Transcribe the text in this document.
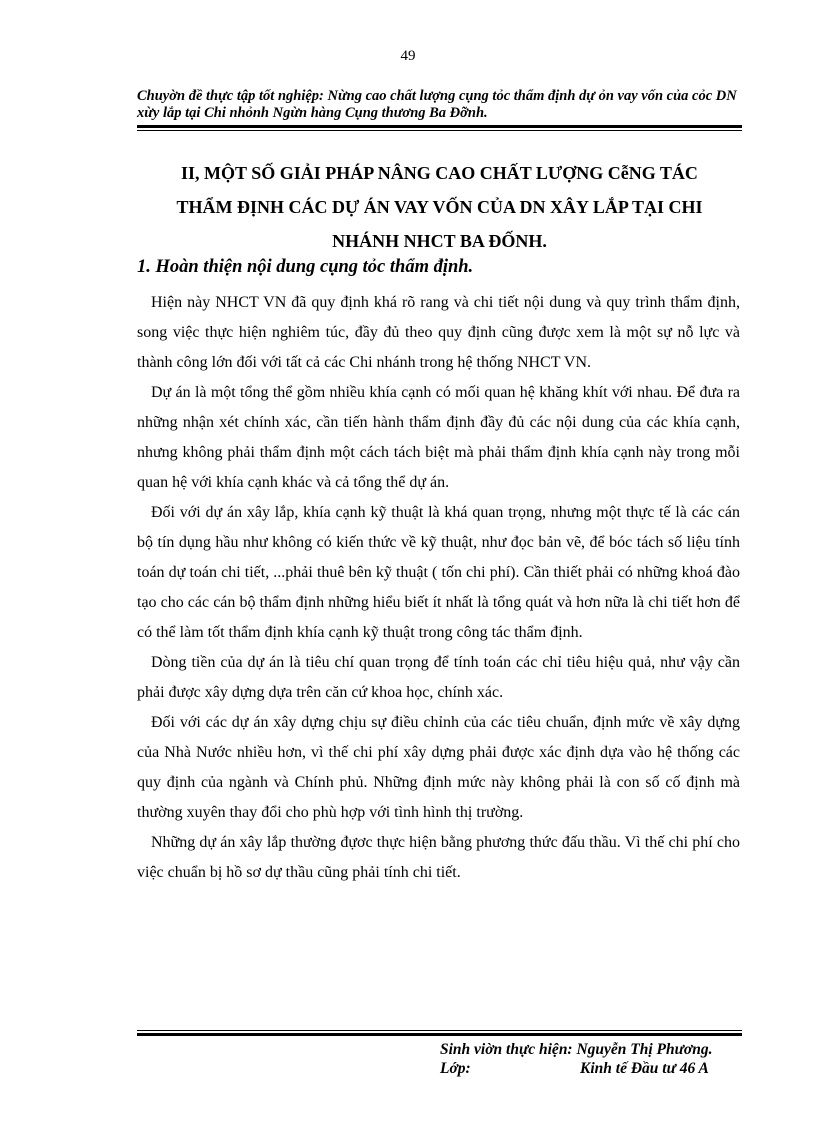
49
Chuyờn đề thực tập tốt nghiệp: Nừng cao chất lượng cụng tỏc thẩm định dự ỏn vay vốn của cỏc DN xừy lắp tại Chi nhỏnh Ngừn hàng Cụng thương Ba Đỡnh.
II, MỘT SỐ GIẢI PHÁP NÂNG CAO CHẤT LƯỢNG CễNG TÁC
THẨM ĐỊNH CÁC DỰ ÁN VAY VỐN CỦA DN XÂY LẮP TẠI CHI
NHÁNH NHCT BA ĐỐNH.
1. Hoàn thiện nội dung cụng tỏc thẩm định.

Hiện này NHCT VN đã quy định khá rõ rang và chi tiết nội dung và quy trình thẩm định, song việc thực hiện nghiêm túc, đầy đủ theo quy định cũng được xem là một sự nỗ lực và thành công lớn đối với tất cả các Chi nhánh trong hệ thống NHCT VN.

Dự án là một tổng thể gồm nhiều khía cạnh có mối quan hệ khăng khít với nhau. Để đưa ra những nhận xét chính xác, cần tiến hành thẩm định đầy đủ các nội dung của các khía cạnh, nhưng không phải thẩm định một cách tách biệt mà phải thẩm định khía cạnh này trong mỗi quan hệ với khía cạnh khác và cả tổng thể dự án.

Đối với dự án xây lắp, khía cạnh kỹ thuật là khá quan trọng, nhưng một thực tế là các cán bộ tín dụng hầu như không có kiến thức về kỹ thuật, như đọc bản vẽ, để bóc tách số liệu tính toán dự toán chi tiết, ...phải thuê bên kỹ thuật ( tốn chi phí). Cần thiết phải có những khoá đào tạo cho các cán bộ thẩm định những hiểu biết ít nhất là tổng quát và hơn nữa là chi tiết hơn để có thể làm tốt thẩm định khía cạnh kỹ thuật trong công tác thẩm định.

Dòng tiền của dự án là tiêu chí quan trọng để tính toán các chỉ tiêu hiệu quả, như vậy cần phải được xây dựng dựa trên căn cứ khoa học, chính xác.

Đối với các dự án xây dựng chịu sự điều chỉnh của các tiêu chuẩn, định mức về xây dựng của Nhà Nước nhiều hơn, vì thế chi phí xây dựng phải được xác định dựa vào hệ thống các quy định của ngành và Chính phủ. Những định mức này không phải là con số cố định mà thường xuyên thay đổi cho phù hợp với tình hình thị trường.

Những dự án xây lắp thường đựơc thực hiện bằng phương thức đấu thầu. Vì thế chi phí cho việc chuẩn bị hồ sơ dự thầu cũng phải tính chi tiết.

Sinh viờn thực hiện: Nguyễn Thị Phương.
Lớp:	Kinh tế Đầu tư 46 A
